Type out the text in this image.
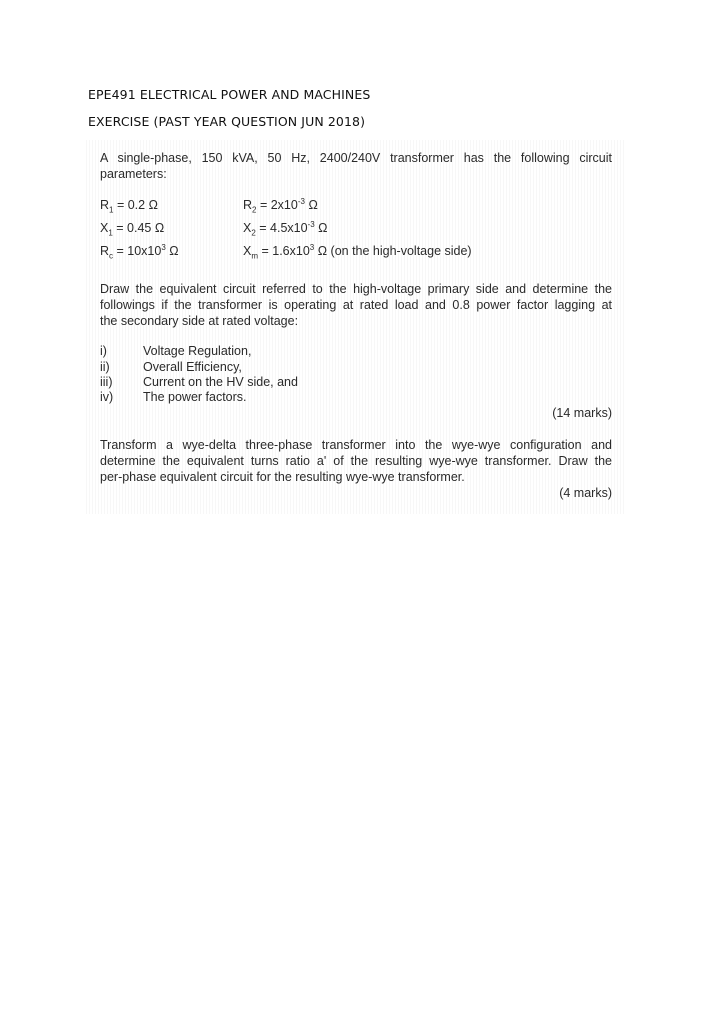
EPE491 ELECTRICAL POWER AND MACHINES
EXERCISE (PAST YEAR QUESTION JUN 2018)
A single-phase, 150 kVA, 50 Hz, 2400/240V transformer has the following circuit
parameters:
$R_1 = 0.2$ Ω	$R_2 = 2x10^{-3}$ Ω
$X_1 = 0.45$ Ω	$X_2 = 4.5x10^{-3}$ Ω
$R_c = 10x10^3$ Ω	$X_m = 1.6x10^3$ Ω (on the high-voltage side)
Draw the equivalent circuit referred to the high-voltage primary side and determine the
followings if the transformer is operating at rated load and 0.8 power factor lagging at
the secondary side at rated voltage:
i)	Voltage Regulation,
ii)	Overall Efficiency,
iii) Current on the HV side, and
iv) The power factors.
(14 marks)
Transform a wye-delta three-phase transformer into the wye-wye configuration and
determine the equivalent turns ratio a' of the resulting wye-wye transformer. Draw the
per-phase equivalent circuit for the resulting wye-wye transformer.
(4 marks)
